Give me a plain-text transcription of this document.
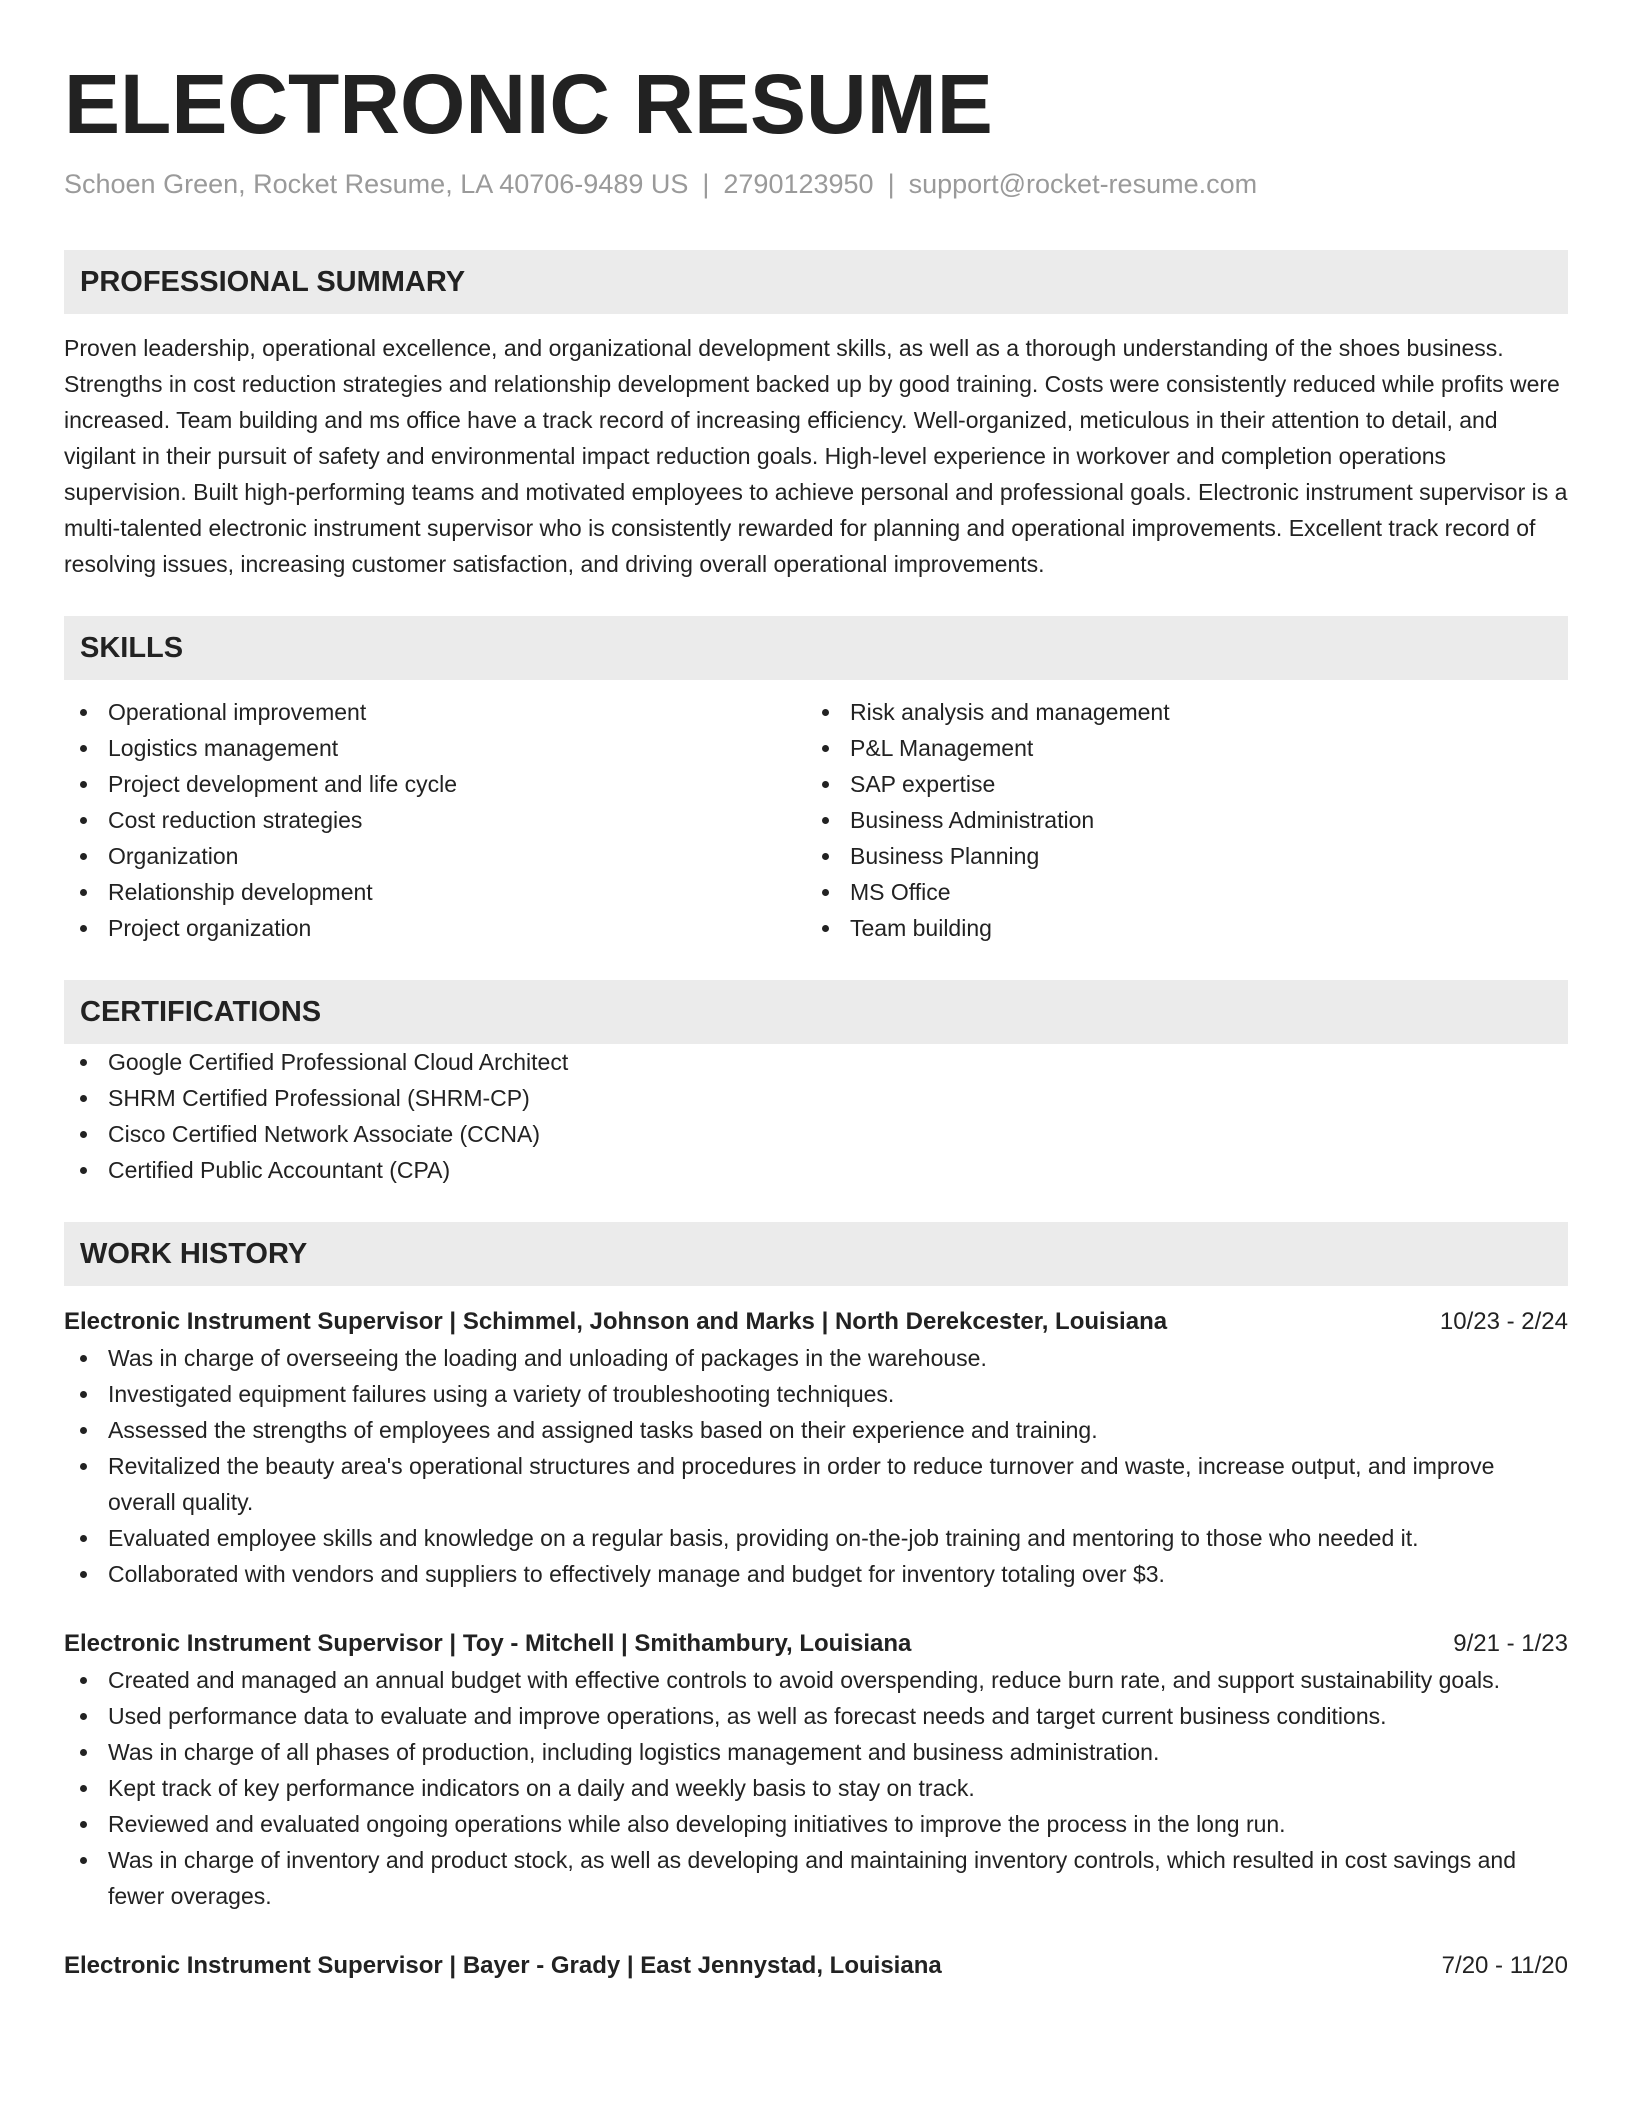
ELECTRONIC RESUME
Schoen Green, Rocket Resume, LA 40706-9489 US | 2790123950 | support@rocket-resume.com
PROFESSIONAL SUMMARY
Proven leadership, operational excellence, and organizational development skills, as well as a thorough understanding of the shoes business. Strengths in cost reduction strategies and relationship development backed up by good training. Costs were consistently reduced while profits were increased. Team building and ms office have a track record of increasing efficiency. Well-organized, meticulous in their attention to detail, and vigilant in their pursuit of safety and environmental impact reduction goals. High-level experience in workover and completion operations supervision. Built high-performing teams and motivated employees to achieve personal and professional goals. Electronic instrument supervisor is a multi-talented electronic instrument supervisor who is consistently rewarded for planning and operational improvements. Excellent track record of resolving issues, increasing customer satisfaction, and driving overall operational improvements.
SKILLS
Operational improvement
Logistics management
Project development and life cycle
Cost reduction strategies
Organization
Relationship development
Project organization
Risk analysis and management
P&L Management
SAP expertise
Business Administration
Business Planning
MS Office
Team building
CERTIFICATIONS
Google Certified Professional Cloud Architect
SHRM Certified Professional (SHRM-CP)
Cisco Certified Network Associate (CCNA)
Certified Public Accountant (CPA)
WORK HISTORY
Electronic Instrument Supervisor | Schimmel, Johnson and Marks | North Derekcester, Louisiana	10/23 - 2/24
Was in charge of overseeing the loading and unloading of packages in the warehouse.
Investigated equipment failures using a variety of troubleshooting techniques.
Assessed the strengths of employees and assigned tasks based on their experience and training.
Revitalized the beauty area's operational structures and procedures in order to reduce turnover and waste, increase output, and improve overall quality.
Evaluated employee skills and knowledge on a regular basis, providing on-the-job training and mentoring to those who needed it.
Collaborated with vendors and suppliers to effectively manage and budget for inventory totaling over $3.
Electronic Instrument Supervisor | Toy - Mitchell | Smithambury, Louisiana	9/21 - 1/23
Created and managed an annual budget with effective controls to avoid overspending, reduce burn rate, and support sustainability goals.
Used performance data to evaluate and improve operations, as well as forecast needs and target current business conditions.
Was in charge of all phases of production, including logistics management and business administration.
Kept track of key performance indicators on a daily and weekly basis to stay on track.
Reviewed and evaluated ongoing operations while also developing initiatives to improve the process in the long run.
Was in charge of inventory and product stock, as well as developing and maintaining inventory controls, which resulted in cost savings and fewer overages.
Electronic Instrument Supervisor | Bayer - Grady | East Jennystad, Louisiana	7/20 - 11/20
